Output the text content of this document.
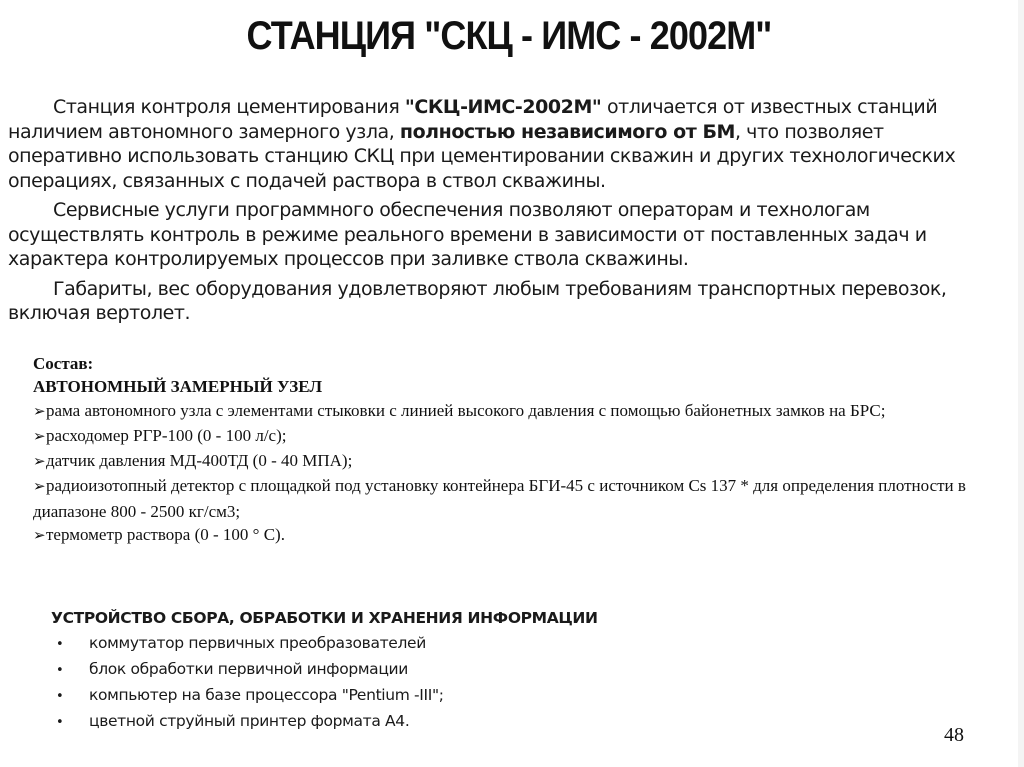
СТАНЦИЯ "СКЦ - ИМС - 2002М"

Станция контроля цементирования "СКЦ-ИМС-2002М" отличается от известных станций наличием автономного замерного узла, полностью независимого от БМ, что позволяет оперативно использовать станцию СКЦ при цементировании скважин и других технологических операциях, связанных с подачей раствора в ствол скважины.

Сервисные услуги программного обеспечения позволяют операторам и технологам осуществлять контроль в режиме реального времени в зависимости от поставленных задач и характера контролируемых процессов при заливке ствола скважины.

Габариты, вес оборудования удовлетворяют любым требованиям транспортных перевозок, включая вертолет.

Состав:
АВТОНОМНЫЙ ЗАМЕРНЫЙ УЗЕЛ
➢рама автономного узла с элементами стыковки с линией высокого давления с помощью байонетных замков на БРС;
➢расходомер РГР-100 (0 - 100 л/с);
➢датчик давления МД-400ТД (0 - 40 МПА);
➢радиоизотопный детектор с площадкой под установку контейнера БГИ-45 с источником Cs 137 * для определения плотности в диапазоне 800 - 2500 кг/см3;
➢термометр раствора (0 - 100 ° С).
УСТРОЙСТВО СБОРА, ОБРАБОТКИ И ХРАНЕНИЯ ИНФОРМАЦИИ
•	коммутатор первичных преобразователей
•	блок обработки первичной информации
•	компьютер на базе процессора "Pentium -III";
•	цветной струйный принтер формата А4.
48
